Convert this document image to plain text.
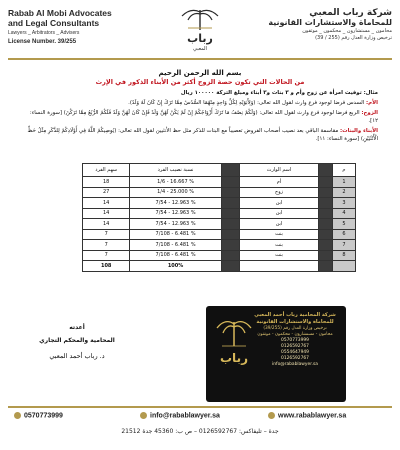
Rabab Al Mobi Advocates
and Legal Consultants
Lawyers _ Arbitrators _ Advisers
License Number. 39/255	رباب
المعبي
شركة رباب المعبي
للمحاماة والاستشارات القانونية
محامون _ مستشارون _ محكمون _ موثقون
ترخيص وزارة العدل رقم (255 / 39)
بسم الله الرحمن الرحيم
من الحالات التي تكون حصة الزوج أكثر من الأبناء الذكور في الإرث
مثال: توفيت امرأة عن زوج وأم و ٣ بنات و٣ أبناء ومبلغ التركة ١٠٠٠٠٠ ريال
الأم: السدس فرضا لوجود فرع وارث لقول الله تعالى: (وَلِأَبَوَيْهِ لِكُلِّ وَاحِدٍ مِنْهُمَا السُّدُسُ مِمَّا تَرَكَ إِنْ كَانَ لَهُ وَلَدٌ).
الزوج: الربع فرضا لوجود فرع وارث لقول الله تعالى: (وَلَكُمْ نِصْفُ مَا تَرَكَ أَزْوَاجُكُمْ إِنْ لَمْ يَكُنْ لَهُنَّ وَلَدٌ فَإِنْ كَانَ لَهُنَّ وَلَدٌ فَلَكُمُ الرُّبُعُ مِمَّا تَرَكْنَ) [سورة النساء: ١٢].
الأبناء والبنات: مقاسمة الباقي بعد نصيب أصحاب الفروض تعصيباً مع البنات للذكر مثل حظ الأنثيين لقول الله تعالى: (يُوصِيكُمُ اللَّهُ فِي أَوْلَادِكُمْ لِلذَّكَرِ مِثْلُ حَظِّ الْأُنْثَيَيْنِ) [سورة النساء: ١١].
م		اسم الوارث		نسبة نصيب الفرد	سهم الفرد
1		أم		1/6 - 16.667 %	18
2		زوج		1/4 - 25.000 %	27
3		ابن		7/54 - 12.963 %	14
4		ابن		7/54 - 12.963 %	14
5		ابن		7/54 - 12.963 %	14
6		بنت		7/108 - 6.481 %	7
7		بنت		7/108 - 6.481 %	7
8		بنت		7/108 - 6.481 %	7
				100%	108
أعدته
المحامية والمحكم التجاري
د. رباب أحمد المعبي	رباب
شركة المحامية رباب أحمد المعبي
للمحاماة والاستشارات القانونية
ترخيص وزارة العدل رقم (39/255)
محامون - مستشارون - محكمون - موثقون
0570773999
0126592767
0554647949
0126592767
info@rabablawyer.sa
0570773999	info@rabablawyer.sa	www.rabablawyer.sa
جدة – تليفاكس: 0126592767 – ص ب: 45360 جدة 21512
